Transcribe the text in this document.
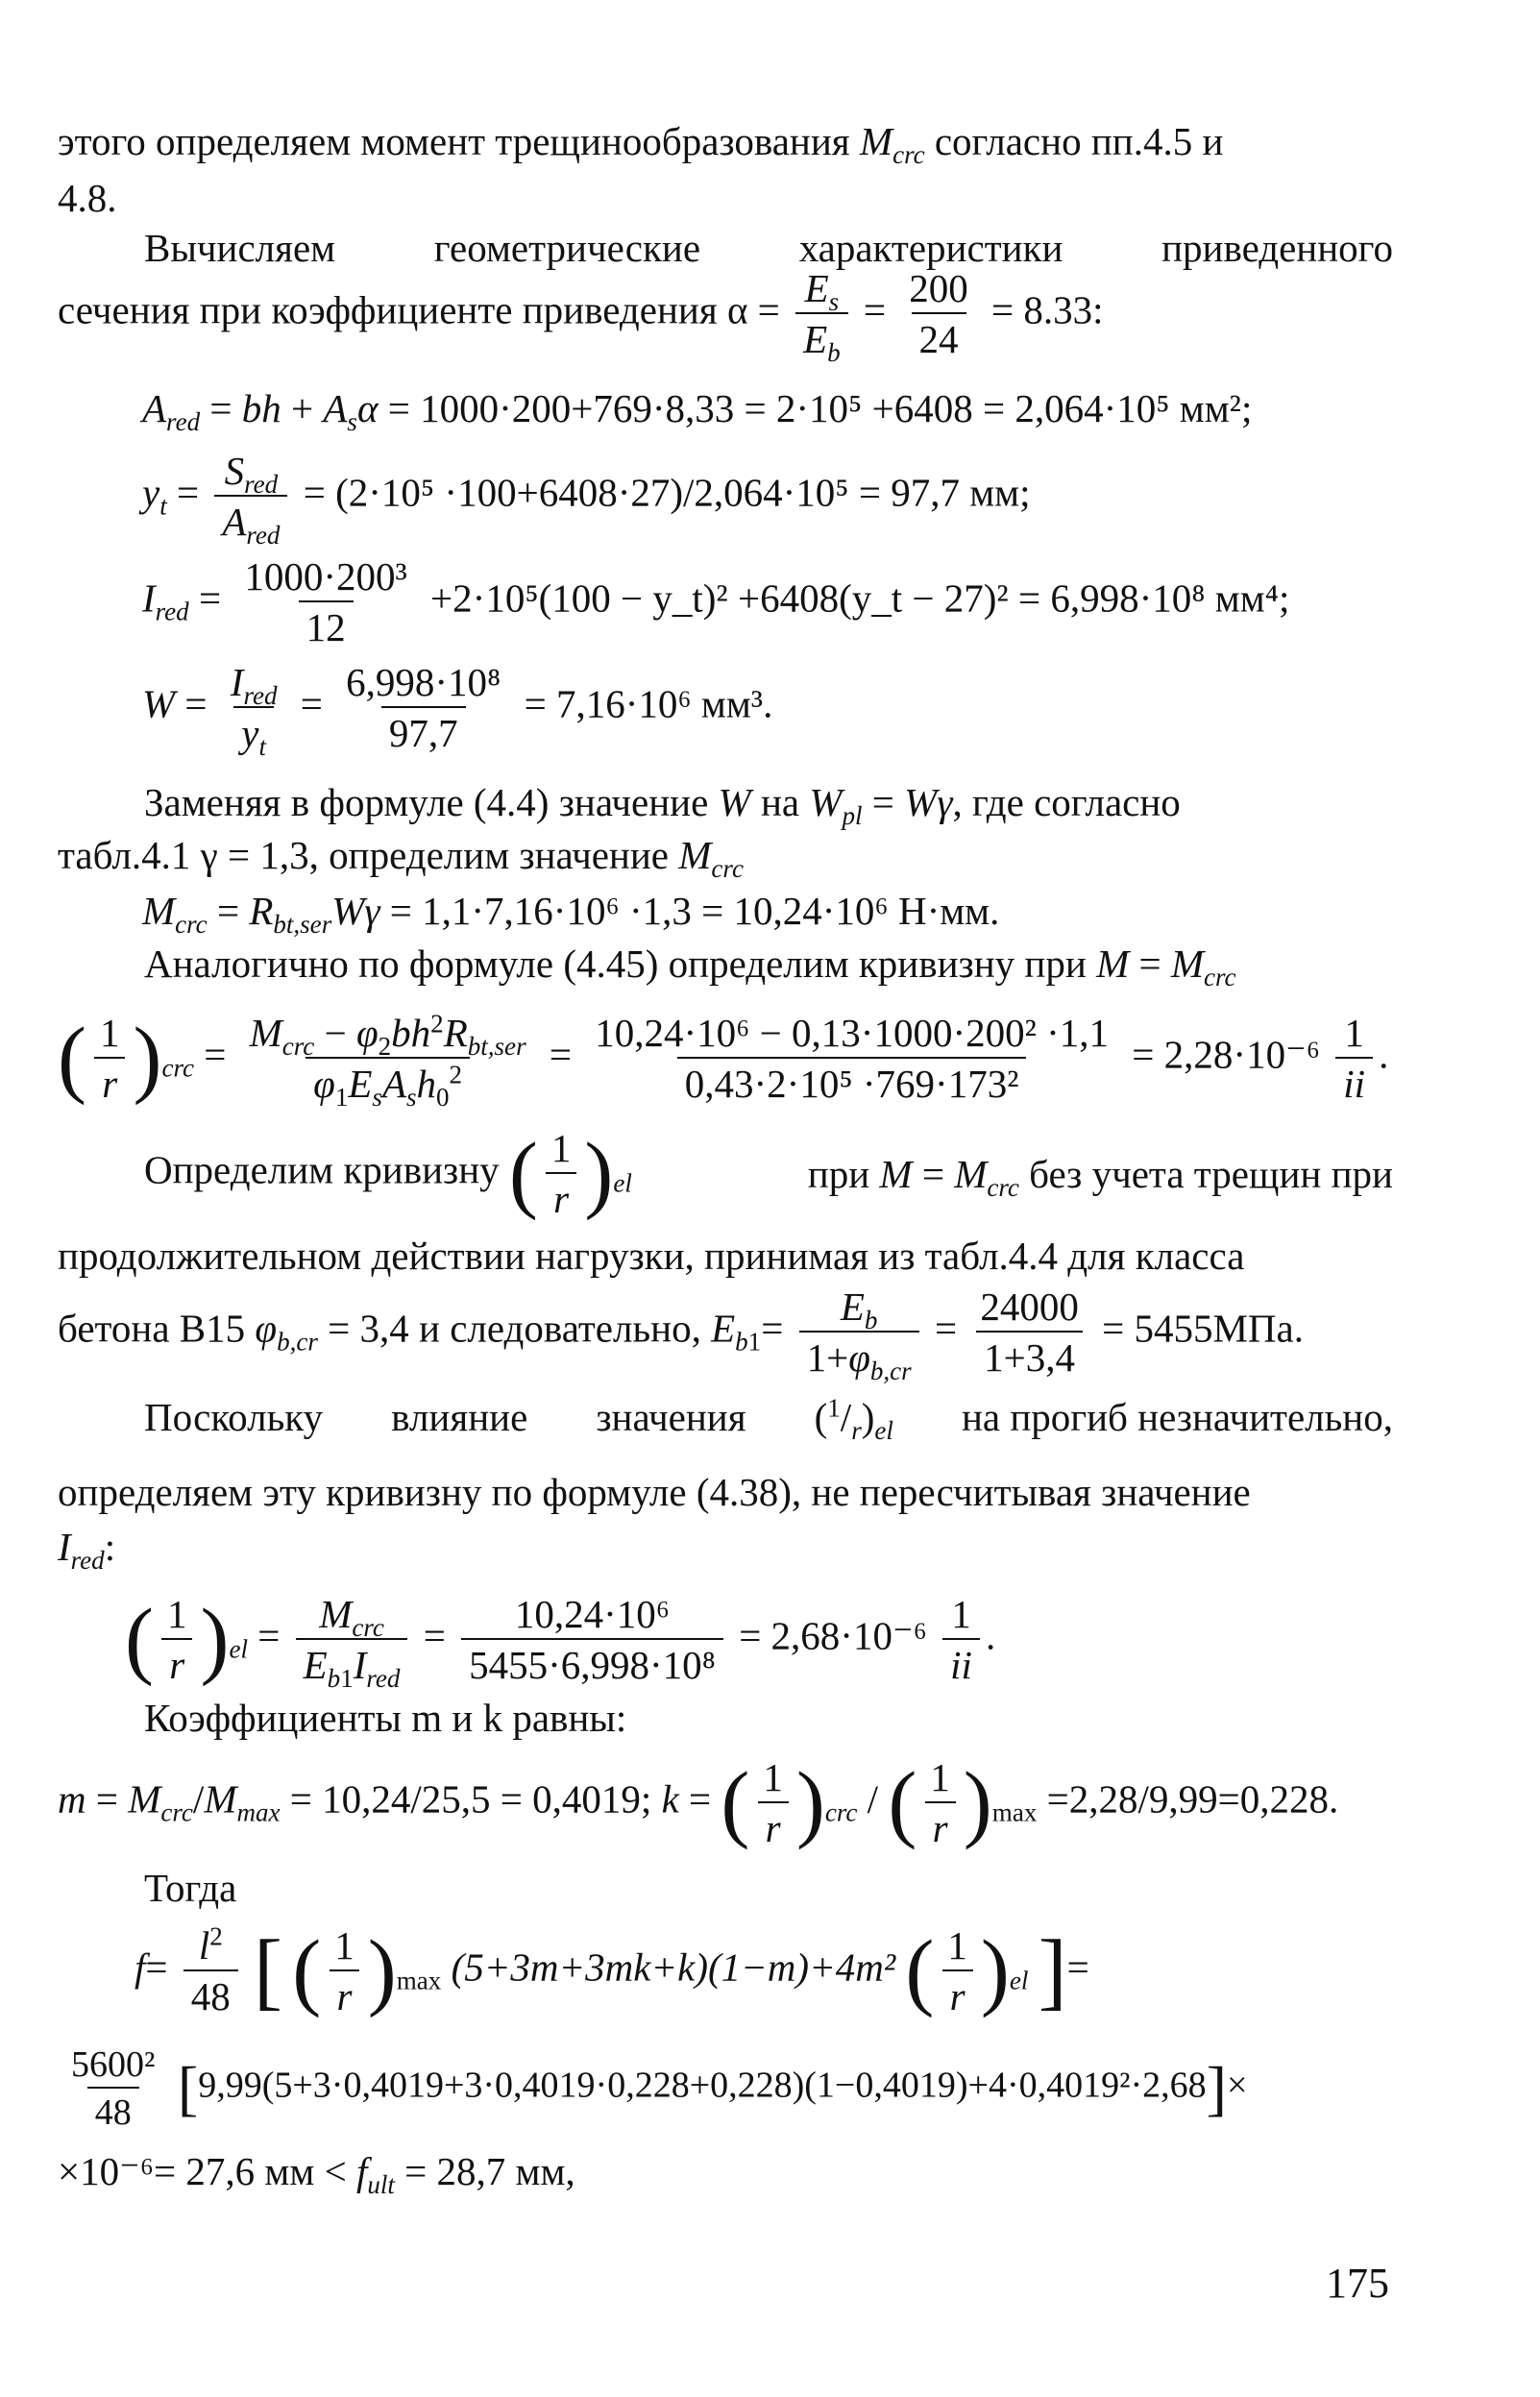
этого определяем момент трещинообразования $M_{crc}$ согласно пп.4.5 и
4.8.
Вычисляем	геометрические	характеристики	приведенного
сечения при коэффициенте приведения $\alpha = \frac{E_s}{E_b} = \frac{200}{24} = 8.33$:
$A_{red}$ = bh + $A_s\alpha = 1000\cdot 200+769\cdot 8,33 = 2\cdot 10^5 +6408 = 2,064\cdot 10^5$ мм²;
$y_t = S_{red}$
$A_{red}$
= (2·10⁵ ·100+6408·27)/2,064·10⁵ = 97,7 мм;
$I_{red} = \frac{\text{1000·200³}}{12} +2\cdot 10^5(100$ − y_t)² +6408(y_t − 27)² = 6,998·10⁸ мм⁴;
$W = I_{red}$
$y_t$
= $\frac{\text{6,998·10⁸}}{97,7} = 7,16\cdot 10^6$ мм³.
Заменяя в формуле (4.4) значение W на $W_{pl} = W\gamma$, где согласно
табл.4.1 γ = 1,3, определим значение $M_{crc}$
$M_{crc} = R_{bt,ser}W\gamma = 1,1\cdot 7,16\cdot 10^6 \cdot 1,3 = 10,24\cdot 10^6$ Н·мм.
Аналогично по формуле (4.45) определим кривизну при $M = M_{crc}$
( $\frac{1}{r} )_{crc} = M_{crc} - \varphi_2bh^2R_{bt,ser}$
$\varphi_1E_sA_sh_0^2 = \frac{\text{10,24·10⁶ − 0,13·1000·200² ·1,1}}{\text{0,43·2·10⁵ ·769·173²}} = 2,28\cdot 10^{-6} \frac{1}{ii}$ .
Определим кривизну ( $\frac{1}{r} )_{el}$	при $M = M_{crc}$ без учета трещин при
продолжительном действии нагрузки, принимая из табл.4.4 для класса
бетона B15 $\varphi_{b,cr} = 3,4$ и следовательно, $E_{b1}= \frac{E_b}{1+\varphi_{b,cr}} = \frac{24000}{1+3,4} = 5455МПа$.
Поскольку влияние значения $(^1/_r)_{el}$ на прогиб незначительно,
определяем эту кривизну по формуле (4.38), не пересчитывая значение
$I_{red}$:
( $\frac{1}{r} )_{el} = M_{crc}$
$E_{b1}I_{red}$
= $\frac{\text{10,24·10⁶}}{\text{5455·6,998·10⁸}} = 2,68\cdot 10^{-6} \frac{1}{ii}$ .
Коэффициенты m и k равны:
$m = M_{crc}/M_{max} = 10,24/25,5 = 0,4019$; k = ( $\frac{1}{r} )_{crc}$ / ( $\frac{1}{r} )_{max} =2,28/9,99=0,228$.
Тогда
$f= \frac{l^2}{48}$ [ ( $\frac{1}{r} )_{max}$ (5+3m+3mk+k)(1−m)+4m² ( $\frac{1}{r} )_{el}$ ]=
$\frac{\text{5600²}}{48} [9,99(5+3\cdot 0,4019+3\cdot 0,4019\cdot 0,228+0,228)(1-0,4019)+4\cdot 0,4019^2\cdot 2,68]\times$
×10⁻⁶= 27,6 мм < $f_{ult} = 28,7$ мм,
175
